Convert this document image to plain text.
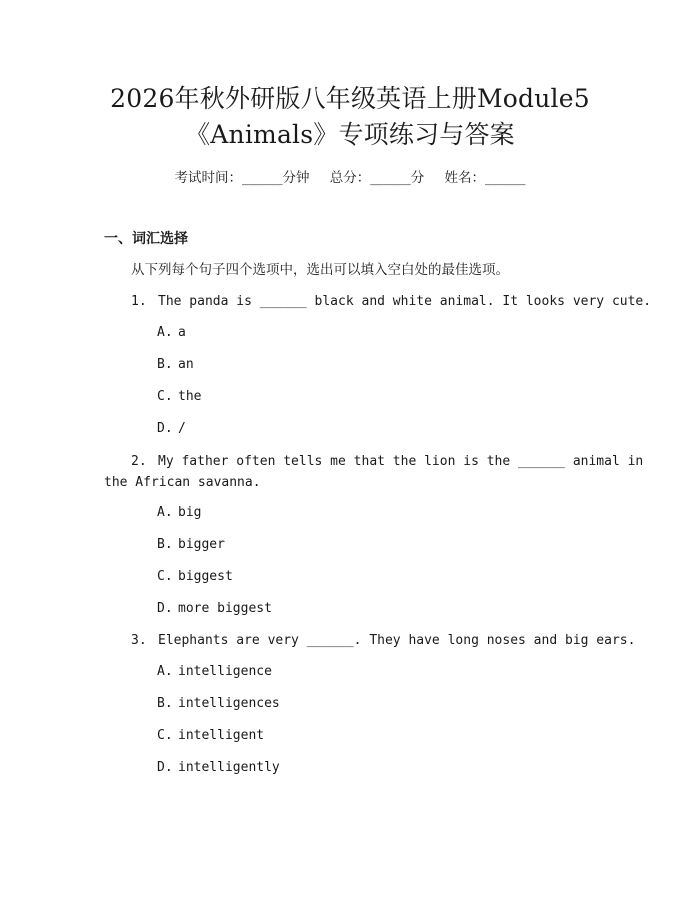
2026年秋外研版八年级英语上册Module5
《Animals》专项练习与答案
考试时间：______分钟 总分：______分 姓名：______
一、词汇选择
从下列每个句子四个选项中，选出可以填入空白处的最佳选项。
1. The panda is ______ black and white animal. It looks very cute.
A. a
B. an
C. the
D. /
2. My father often tells me that the lion is the ______ animal in
the African savanna.
A. big
B. bigger
C. biggest
D. more biggest
3. Elephants are very ______. They have long noses and big ears.
A. intelligence
B. intelligences
C. intelligent
D. intelligently
